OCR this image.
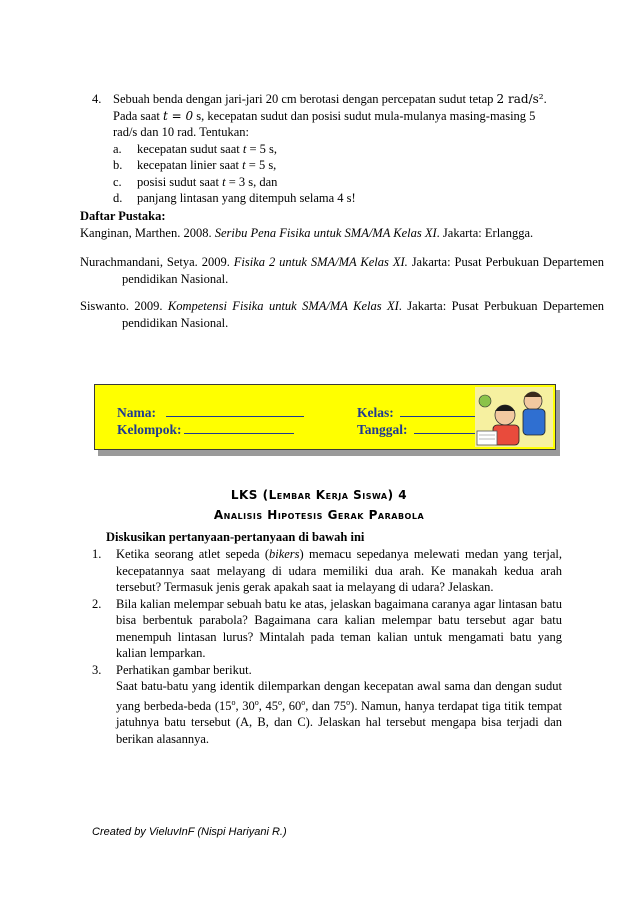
4. Sebuah benda dengan jari-jari 20 cm berotasi dengan percepatan sudut tetap 2 rad/s².
Pada saat t = 0 s, kecepatan sudut dan posisi sudut mula-mulanya masing-masing 5
rad/s dan 10 rad. Tentukan:
a. kecepatan sudut saat t = 5 s,
b. kecepatan linier saat t = 5 s,
c. posisi sudut saat t = 3 s, dan
d. panjang lintasan yang ditempuh selama 4 s!
Daftar Pustaka:
Kanginan, Marthen. 2008. Seribu Pena Fisika untuk SMA/MA Kelas XI. Jakarta: Erlangga.
Nurachmandani, Setya. 2009. Fisika 2 untuk SMA/MA Kelas XI. Jakarta: Pusat Perbukuan Departemen pendidikan Nasional.
Siswanto. 2009. Kompetensi Fisika untuk SMA/MA Kelas XI. Jakarta: Pusat Perbukuan Departemen pendidikan Nasional.
Nama:
Kelompok:
Kelas:
Tanggal:
LKS (Lembar Kerja Siswa) 4
Analisis Hipotesis Gerak Parabola
Diskusikan pertanyaan-pertanyaan di bawah ini
1. Ketika seorang atlet sepeda (bikers) memacu sepedanya melewati medan yang terjal, kecepatannya saat melayang di udara memiliki dua arah. Ke manakah kedua arah tersebut? Termasuk jenis gerak apakah saat ia melayang di udara? Jelaskan.
2. Bila kalian melempar sebuah batu ke atas, jelaskan bagaimana caranya agar lintasan batu bisa berbentuk parabola? Bagaimana cara kalian melempar batu tersebut agar batu menempuh lintasan lurus? Mintalah pada teman kalian untuk mengamati batu yang kalian lemparkan.
3. Perhatikan gambar berikut.
Saat batu-batu yang identik dilemparkan dengan kecepatan awal sama dan dengan sudut yang berbeda-beda (15$^o$, 30$^o$, 45$^o$, 60$^o$, dan 75$^o$). Namun, hanya terdapat tiga titik tempat jatuhnya batu tersebut (A, B, dan C). Jelaskan hal tersebut mengapa bisa terjadi dan berikan alasannya.
Created by VieluvInF (Nispi Hariyani R.)
